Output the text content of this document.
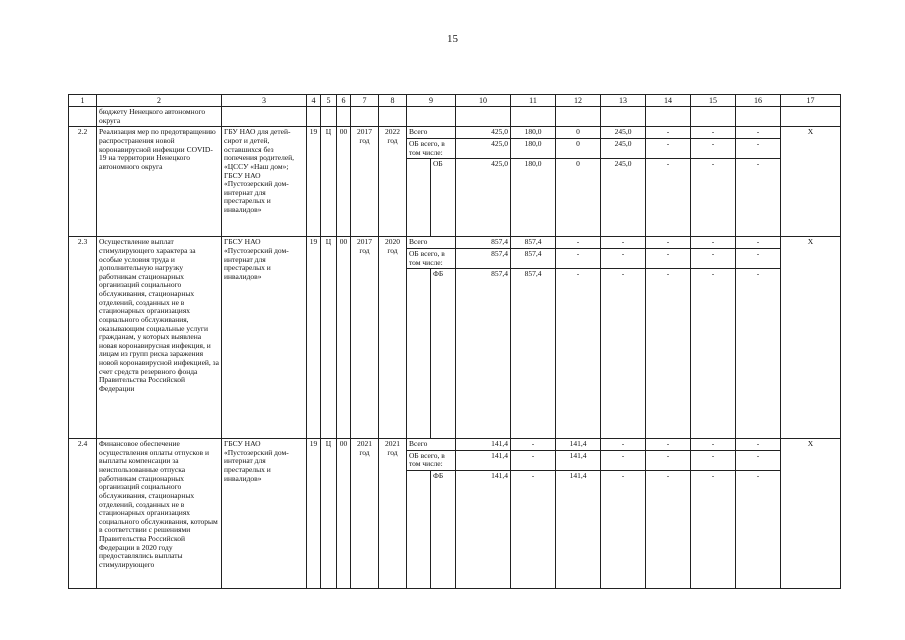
15
1	2	3	4	5	6	7	8	9		10	11	12	13	14	15	16	17
	бюджету Ненецкого автономного округа																
2.2	Реализация мер по предотвращению распространения новой коронавирусной инфекции COVID-19 на территории Ненецкого автономного округа	ГБУ НАО для детей-сирот и детей, оставшихся без попечения родителей, «ЦССУ «Наш дом»; ГБСУ НАО «Пустозерский дом-интернат для престарелых и инвалидов»	19	Ц	00	2017 год	2022 год	Всего		425,0	180,0	0	245,0	-	-	-	Х
								ОБ всего, в том числе:		425,0	180,0	0	245,0	-	-	-	
									ОБ	425,0	180,0	0	245,0	-	-	-	
2.3	Осуществление выплат стимулирующего характера за особые условия труда и дополнительную нагрузку работникам стационарных организаций социального обслуживания, стационарных отделений, созданных не в стационарных организациях социального обслуживания, оказывающим социальные услуги гражданам, у которых выявлена новая коронавирусная инфекция, и лицам из групп риска заражения новой коронавирусной инфекцией, за счет средств резервного фонда Правительства Российской Федерации	ГБСУ НАО «Пустозерский дом-интернат для престарелых и инвалидов»	19	Ц	00	2017 год	2020 год	Всего		857,4	857,4	-	-	-	-	-	Х
								ОБ всего, в том числе:		857,4	857,4	-	-	-	-	-	
									ФБ	857,4	857,4	-	-	-	-	-	
2.4	Финансовое обеспечение осуществления оплаты отпусков и выплаты компенсации за неиспользованные отпуска работникам стационарных организаций социального обслуживания, стационарных отделений, созданных не в стационарных организациях социального обслуживания, которым в соответствии с решениями Правительства Российской Федерации в 2020 году предоставлялись выплаты стимулирующего	ГБСУ НАО «Пустозерский дом-интернат для престарелых и инвалидов»	19	Ц	00	2021 год	2021 год	Всего		141,4	-	141,4	-	-	-	-	Х
								ОБ всего, в том числе:		141,4	-	141,4	-	-	-	-	
									ФБ	141,4	-	141,4	-	-	-	-	
